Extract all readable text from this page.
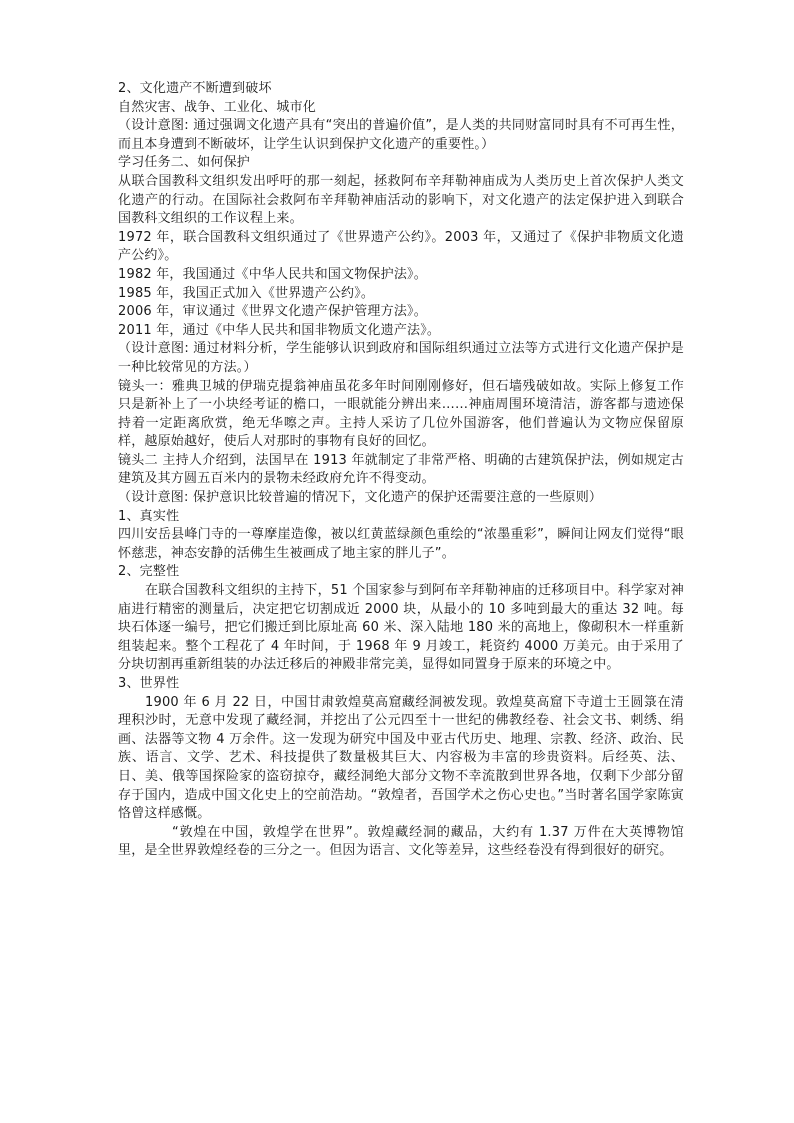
2、文化遗产不断遭到破坏

自然灾害、战争、工业化、城市化

（设计意图: 通过强调文化遗产具有“突出的普遍价值”，是人类的共同财富同时具有不可再生性，而且本身遭到不断破坏，让学生认识到保护文化遗产的重要性。）

学习任务二、如何保护

从联合国教科文组织发出呼吁的那一刻起，拯救阿布辛拜勒神庙成为人类历史上首次保护人类文化遗产的行动。在国际社会救阿布辛拜勒神庙活动的影响下，对文化遗产的法定保护进入到联合国教科文组织的工作议程上来。

1972 年，联合国教科文组织通过了《世界遗产公约》。2003 年，又通过了《保护非物质文化遗产公约》。

1982 年，我国通过《中华人民共和国文物保护法》。

1985 年，我国正式加入《世界遗产公约》。

2006 年，审议通过《世界文化遗产保护管理方法》。

2011 年，通过《中华人民共和国非物质文化遗产法》。

（设计意图: 通过材料分析，学生能够认识到政府和国际组织通过立法等方式进行文化遗产保护是一种比较常见的方法。）

镜头一：雅典卫城的伊瑞克提翁神庙虽花多年时间刚刚修好，但石墙残破如故。实际上修复工作只是新补上了一小块经考证的檐口，一眼就能分辨出来……神庙周围环境清洁，游客都与遗迹保持着一定距离欣赏，绝无华嚓之声。主持人采访了几位外国游客，他们普遍认为文物应保留原样，越原始越好，使后人对那时的事物有良好的回忆。

镜头二 主持人介绍到，法国早在 1913 年就制定了非常严格、明确的古建筑保护法，例如规定古建筑及其方圆五百米内的景物未经政府允许不得变动。

（设计意图: 保护意识比较普遍的情况下，文化遗产的保护还需要注意的一些原则）

1、真实性

四川安岳县峰门寺的一尊摩崖造像，被以红黄蓝绿颜色重绘的“浓墨重彩”，瞬间让网友们觉得“眼怀慈悲，神态安静的活佛生生被画成了地主家的胖儿子”。

2、完整性

在联合国教科文组织的主持下，51 个国家参与到阿布辛拜勒神庙的迁移项目中。科学家对神庙进行精密的测量后，决定把它切割成近 2000 块，从最小的 10 多吨到最大的重达 32 吨。每块石体逐一编号，把它们搬迁到比原址高 60 米、深入陆地 180 米的高地上，像砌积木一样重新组装起来。整个工程花了 4 年时间，于 1968 年 9 月竣工，耗资约 4000 万美元。由于采用了分块切割再重新组装的办法迁移后的神殿非常完美，显得如同置身于原来的环境之中。

3、世界性

1900 年 6 月 22 日，中国甘肃敦煌莫高窟藏经洞被发现。敦煌莫高窟下寺道士王圆箓在清理积沙时，无意中发现了藏经洞，并挖出了公元四至十一世纪的佛教经卷、社会文书、刺绣、绢画、法器等文物 4 万余件。这一发现为研究中国及中亚古代历史、地理、宗教、经济、政治、民族、语言、文学、艺术、科技提供了数量极其巨大、内容极为丰富的珍贵资料。后经英、法、日、美、俄等国探险家的盗窃掠夺，藏经洞绝大部分文物不幸流散到世界各地，仅剩下少部分留存于国内，造成中国文化史上的空前浩劫。“敦煌者，吾国学术之伤心史也。”当时著名国学家陈寅恪曾这样感慨。

“敦煌在中国，敦煌学在世界”。敦煌藏经洞的藏品，大约有 1.37 万件在大英博物馆里，是全世界敦煌经卷的三分之一。但因为语言、文化等差异，这些经卷没有得到很好的研究。
